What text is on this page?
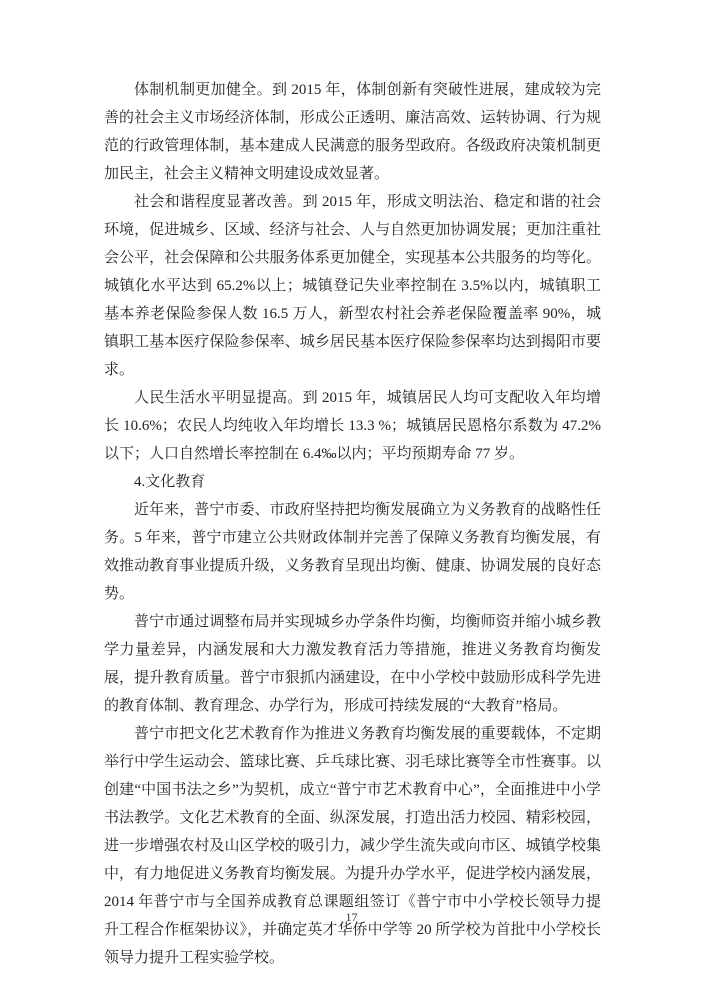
体制机制更加健全。到 2015 年，体制创新有突破性进展，建成较为完善的社会主义市场经济体制，形成公正透明、廉洁高效、运转协调、行为规范的行政管理体制，基本建成人民满意的服务型政府。各级政府决策机制更加民主，社会主义精神文明建设成效显著。

社会和谐程度显著改善。到 2015 年，形成文明法治、稳定和谐的社会环境，促进城乡、区域、经济与社会、人与自然更加协调发展；更加注重社会公平，社会保障和公共服务体系更加健全，实现基本公共服务的均等化。城镇化水平达到 65.2%以上；城镇登记失业率控制在 3.5%以内，城镇职工基本养老保险参保人数 16.5 万人，新型农村社会养老保险覆盖率 90%，城镇职工基本医疗保险参保率、城乡居民基本医疗保险参保率均达到揭阳市要求。

人民生活水平明显提高。到 2015 年，城镇居民人均可支配收入年均增长 10.6%；农民人均纯收入年均增长 13.3 %；城镇居民恩格尔系数为 47.2%以下；人口自然增长率控制在 6.4‰以内；平均预期寿命 77 岁。

4.文化教育

近年来，普宁市委、市政府坚持把均衡发展确立为义务教育的战略性任务。5 年来，普宁市建立公共财政体制并完善了保障义务教育均衡发展，有效推动教育事业提质升级，义务教育呈现出均衡、健康、协调发展的良好态势。

普宁市通过调整布局并实现城乡办学条件均衡，均衡师资并缩小城乡教学力量差异，内涵发展和大力激发教育活力等措施，推进义务教育均衡发展，提升教育质量。普宁市狠抓内涵建设，在中小学校中鼓励形成科学先进的教育体制、教育理念、办学行为，形成可持续发展的“大教育”格局。

普宁市把文化艺术教育作为推进义务教育均衡发展的重要载体，不定期举行中学生运动会、篮球比赛、乒乓球比赛、羽毛球比赛等全市性赛事。以创建“中国书法之乡”为契机，成立“普宁市艺术教育中心”，全面推进中小学书法教学。文化艺术教育的全面、纵深发展，打造出活力校园、精彩校园，进一步增强农村及山区学校的吸引力，减少学生流失或向市区、城镇学校集中，有力地促进义务教育均衡发展。为提升办学水平，促进学校内涵发展，2014 年普宁市与全国养成教育总课题组签订《普宁市中小学校长领导力提升工程合作框架协议》，并确定英才华侨中学等 20 所学校为首批中小学校长领导力提升工程实验学校。

17
